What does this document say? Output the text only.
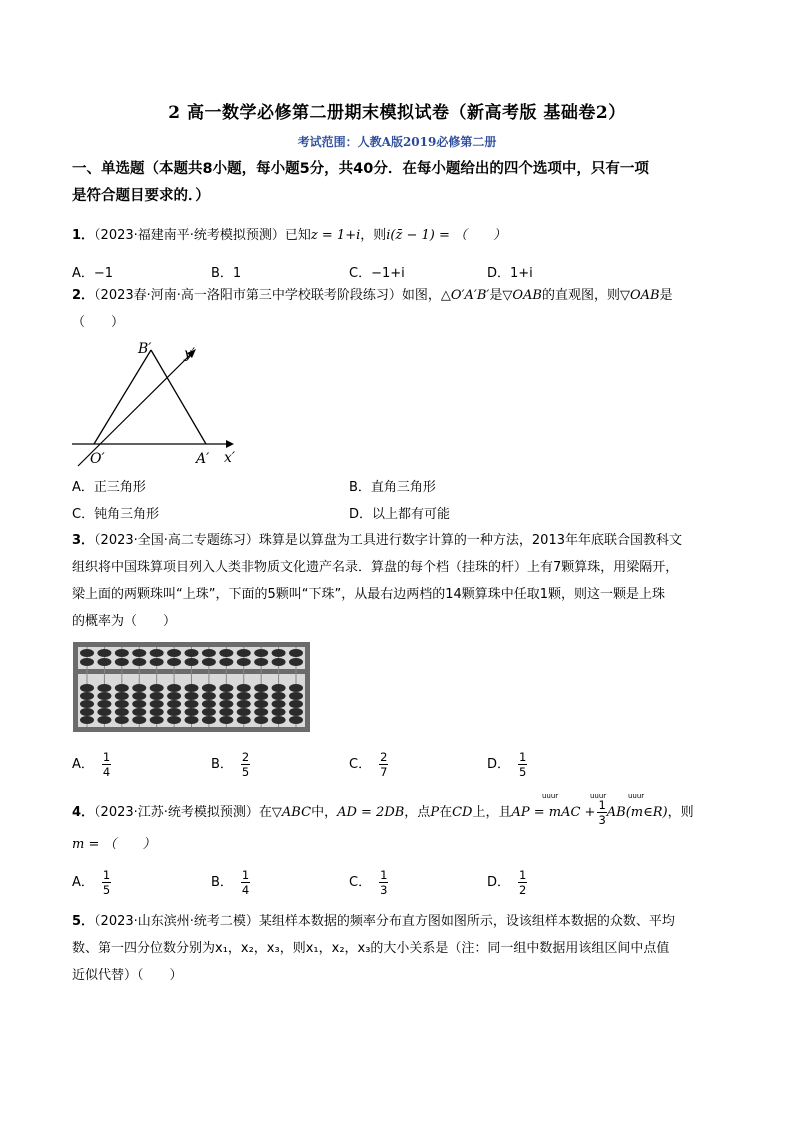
2 高一数学必修第二册期末模拟试卷（新高考版 基础卷2）
考试范围：人教A版2019必修第二册
一、单选题（本题共8小题，每小题5分，共40分．在每小题给出的四个选项中，只有一项
是符合题目要求的．）
1．（2023·福建南平·统考模拟预测）已知z = 1+i，则i(z̄ − 1) = （　　）
A．−1	B．1	C．−1+i	D．1+i
2．（2023春·河南·高一洛阳市第三中学校联考阶段练习）如图，△O′A′B′是▽OAB的直观图，则▽OAB是
（　　）
B′ y′
O′	A′ x′
A．正三角形	B．直角三角形
C．钝角三角形	D．以上都有可能
3．（2023·全国·高二专题练习）珠算是以算盘为工具进行数字计算的一种方法，2013年年底联合国教科文
组织将中国珠算项目列入人类非物质文化遗产名录．算盘的每个档（挂珠的杆）上有7颗算珠，用梁隔开，
梁上面的两颗珠叫“上珠”，下面的5颗叫“下珠”，从最右边两档的14颗算珠中任取1颗，则这一颗是上珠
的概率为（　　）
A． $\frac{1}{4}$	B． $\frac{2}{5}$	C． $\frac{2}{7}$	D． $\frac{1}{5}$
4．（2023·江苏·统考模拟预测）在▽ABC中，AD = 2DB，点P在CD上，且AP = mAC + $\frac{1}{3}$ AB(m∈R)，则
m = （　　）
uuur	uuur	uuur
A． $\frac{1}{5}$	B． $\frac{1}{4}$	C． $\frac{1}{3}$	D． $\frac{1}{2}$
5．（2023·山东滨州·统考二模）某组样本数据的频率分布直方图如图所示，设该组样本数据的众数、平均
数、第一四分位数分别为x₁，x₂，x₃，则x₁，x₂，x₃的大小关系是（注：同一组中数据用该组区间中点值
近似代替）（　　）
